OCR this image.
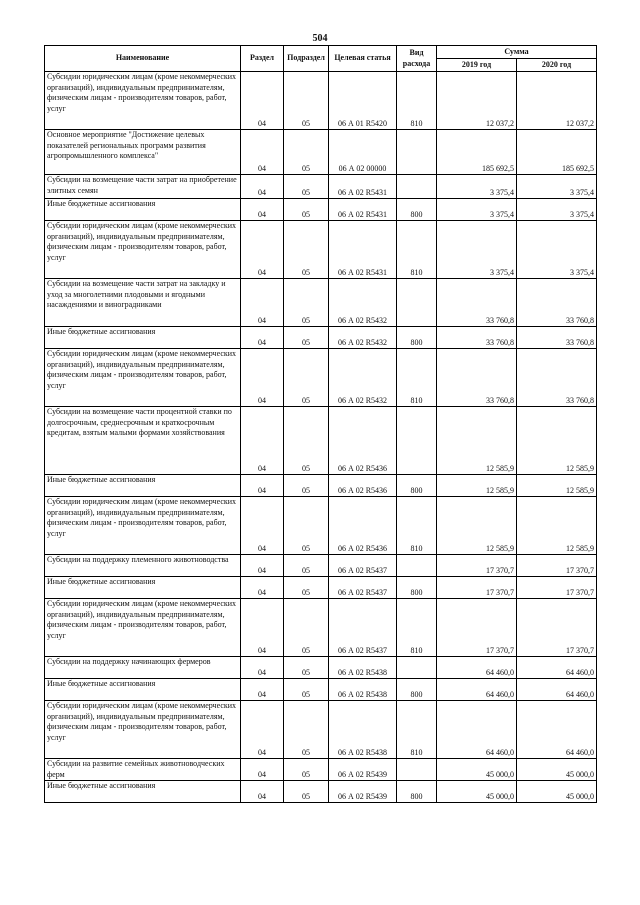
504
Наименование	Раздел	Подраздел	Целевая статья	Вид расхода	Сумма	
					2019 год	2020 год
Субсидии юридическим лицам (кроме некоммерческих организаций), индивидуальным предпринимателям, физическим лицам - производителям товаров, работ, услуг	04	05	06 А 01 R5420	810	12 037,2	12 037,2
Основное мероприятие "Достижение целевых показателей региональных программ развития агропромышленного комплекса"	04	05	06 А 02 00000		185 692,5	185 692,5
Субсидии на возмещение части затрат на приобретение элитных семян	04	05	06 А 02 R5431		3 375,4	3 375,4
Иные бюджетные ассигнования	04	05	06 А 02 R5431	800	3 375,4	3 375,4
Субсидии юридическим лицам (кроме некоммерческих организаций), индивидуальным предпринимателям, физическим лицам - производителям товаров, работ, услуг	04	05	06 А 02 R5431	810	3 375,4	3 375,4
Субсидии на возмещение части затрат на закладку и уход за многолетними плодовыми и ягодными насаждениями и виноградниками	04	05	06 А 02 R5432		33 760,8	33 760,8
Иные бюджетные ассигнования	04	05	06 А 02 R5432	800	33 760,8	33 760,8
Субсидии юридическим лицам (кроме некоммерческих организаций), индивидуальным предпринимателям, физическим лицам - производителям товаров, работ, услуг	04	05	06 А 02 R5432	810	33 760,8	33 760,8
Субсидии на возмещение части процентной ставки по долгосрочным, среднесрочным и краткосрочным кредитам, взятым малыми формами хозяйствования	04	05	06 А 02 R5436		12 585,9	12 585,9
Иные бюджетные ассигнования	04	05	06 А 02 R5436	800	12 585,9	12 585,9
Субсидии юридическим лицам (кроме некоммерческих организаций), индивидуальным предпринимателям, физическим лицам - производителям товаров, работ, услуг	04	05	06 А 02 R5436	810	12 585,9	12 585,9
Субсидии на поддержку племенного животноводства	04	05	06 А 02 R5437		17 370,7	17 370,7
Иные бюджетные ассигнования	04	05	06 А 02 R5437	800	17 370,7	17 370,7
Субсидии юридическим лицам (кроме некоммерческих организаций), индивидуальным предпринимателям, физическим лицам - производителям товаров, работ, услуг	04	05	06 А 02 R5437	810	17 370,7	17 370,7
Субсидии на поддержку начинающих фермеров	04	05	06 А 02 R5438		64 460,0	64 460,0
Иные бюджетные ассигнования	04	05	06 А 02 R5438	800	64 460,0	64 460,0
Субсидии юридическим лицам (кроме некоммерческих организаций), индивидуальным предпринимателям, физическим лицам - производителям товаров, работ, услуг	04	05	06 А 02 R5438	810	64 460,0	64 460,0
Субсидии на развитие семейных животноводческих ферм	04	05	06 А 02 R5439		45 000,0	45 000,0
Иные бюджетные ассигнования	04	05	06 А 02 R5439	800	45 000,0	45 000,0
